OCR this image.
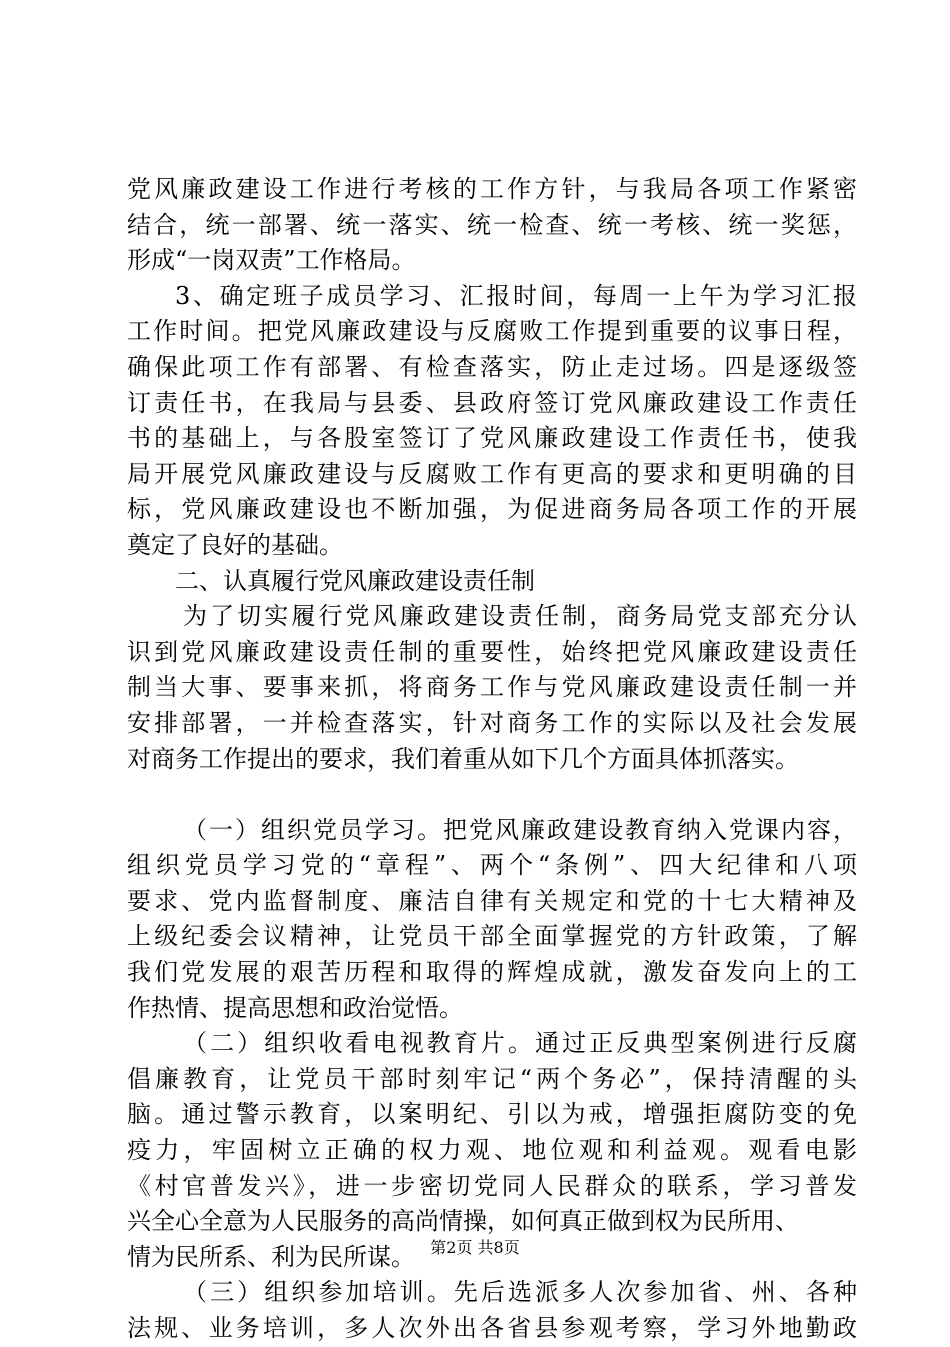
党风廉政建设工作进行考核的工作方针，与我局各项工作紧密
结合，统一部署、统一落实、统一检查、统一考核、统一奖惩，
形成“一岗双责”工作格局。
3、确定班子成员学习、汇报时间，每周一上午为学习汇报
工作时间。把党风廉政建设与反腐败工作提到重要的议事日程，
确保此项工作有部署、有检查落实，防止走过场。四是逐级签
订责任书，在我局与县委、县政府签订党风廉政建设工作责任
书的基础上，与各股室签订了党风廉政建设工作责任书，使我
局开展党风廉政建设与反腐败工作有更高的要求和更明确的目
标，党风廉政建设也不断加强，为促进商务局各项工作的开展
奠定了良好的基础。
二、认真履行党风廉政建设责任制
为了切实履行党风廉政建设责任制，商务局党支部充分认
识到党风廉政建设责任制的重要性，始终把党风廉政建设责任
制当大事、要事来抓，将商务工作与党风廉政建设责任制一并
安排部署，一并检查落实，针对商务工作的实际以及社会发展
对商务工作提出的要求，我们着重从如下几个方面具体抓落实。
（一）组织党员学习。把党风廉政建设教育纳入党课内容，
组织党员学习党的“章程”、两个“条例”、四大纪律和八项
要求、党内监督制度、廉洁自律有关规定和党的十七大精神及
上级纪委会议精神，让党员干部全面掌握党的方针政策，了解
我们党发展的艰苦历程和取得的辉煌成就，激发奋发向上的工
作热情、提高思想和政治觉悟。
（二）组织收看电视教育片。通过正反典型案例进行反腐
倡廉教育，让党员干部时刻牢记“两个务必”，保持清醒的头
脑。通过警示教育，以案明纪、引以为戒，增强拒腐防变的免
疫力，牢固树立正确的权力观、地位观和利益观。观看电影
《村官普发兴》，进一步密切党同人民群众的联系，学习普发
兴全心全意为人民服务的高尚情操，如何真正做到权为民所用、
情为民所系、利为民所谋。
（三）组织参加培训。先后选派多人次参加省、州、各种
法规、业务培训，多人次外出各省县参观考察，学习外地勤政
第2页 共8页
